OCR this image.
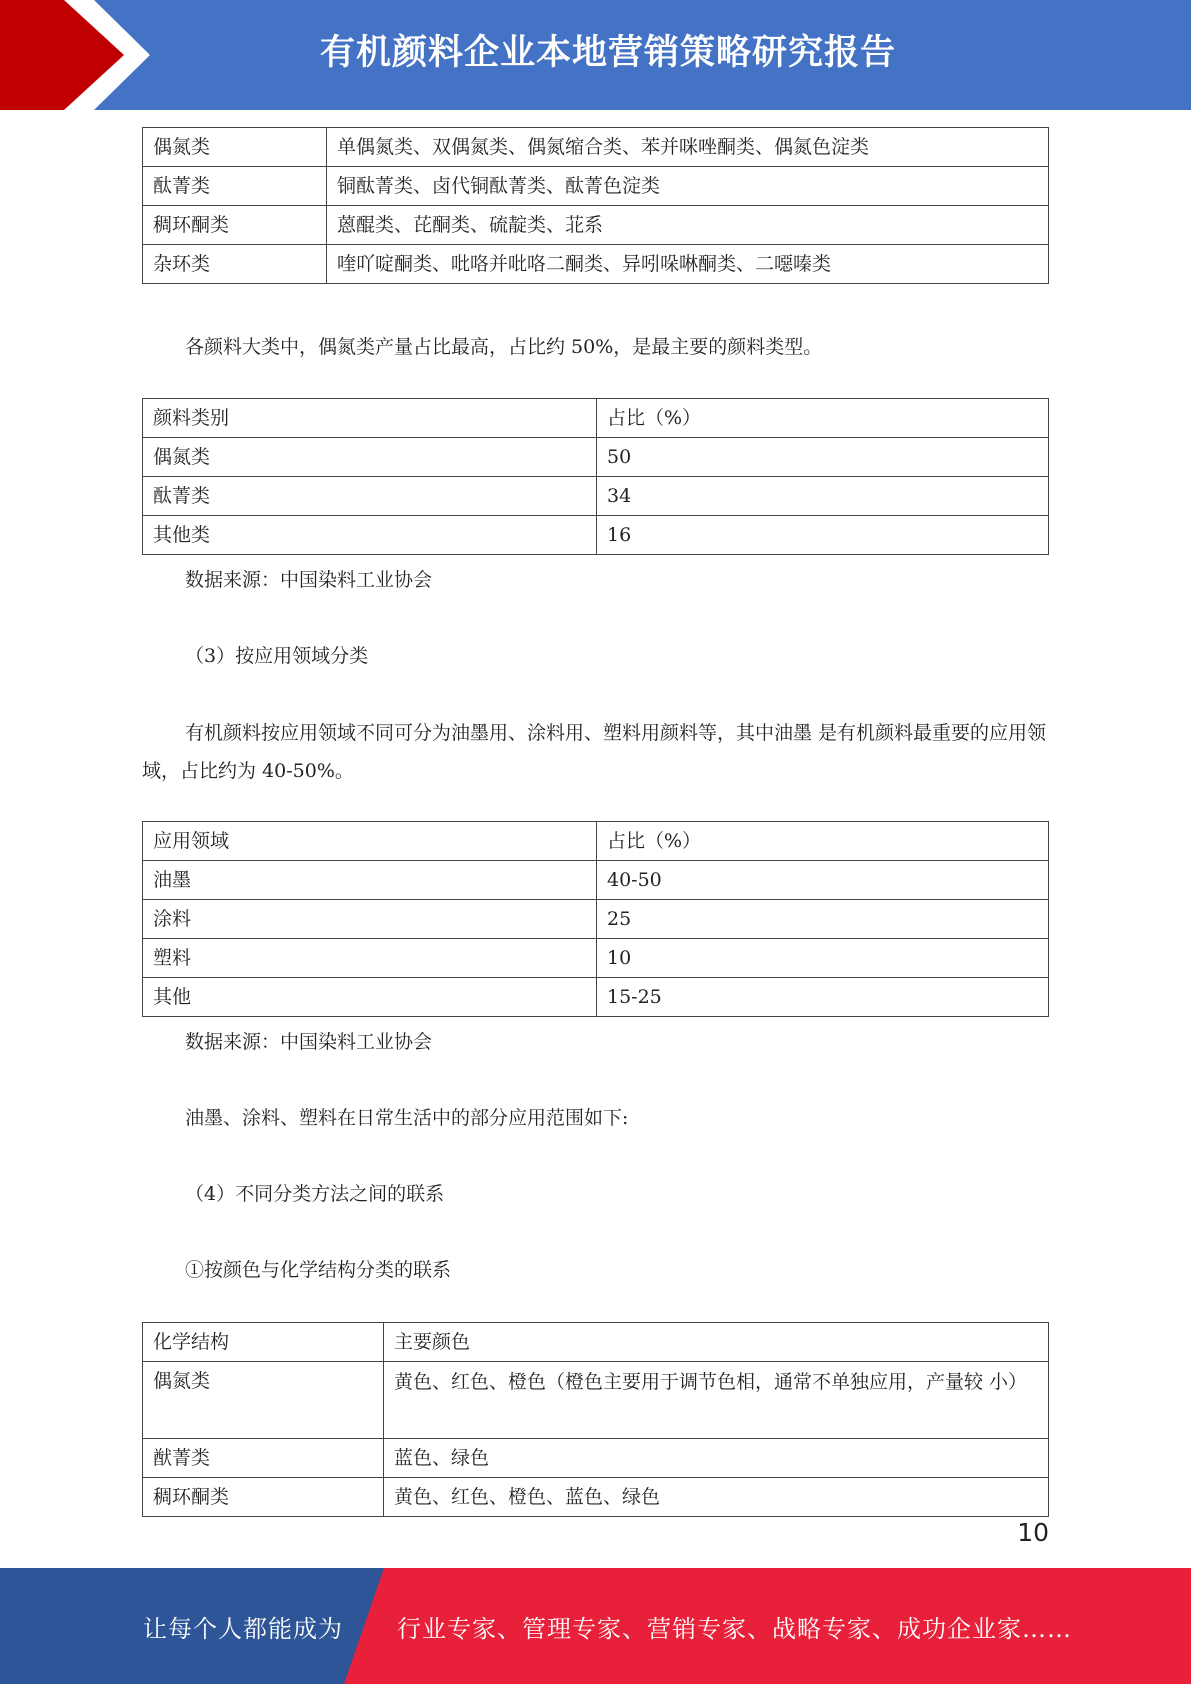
有机颜料企业本地营销策略研究报告
偶氮类	单偶氮类、双偶氮类、偶氮缩合类、苯并咪唑酮类、偶氮色淀类
酞菁类	铜酞菁类、卤代铜酞菁类、酞菁色淀类
稠环酮类	蒽醌类、芘酮类、硫靛类、苝系
杂环类	喹吖啶酮类、吡咯并吡咯二酮类、异吲哚啉酮类、二噁嗪类
各颜料大类中，偶氮类产量占比最高，占比约 50%，是最主要的颜料类型。
颜料类别	占比（%）
偶氮类	50
酞菁类	34
其他类	16
数据来源：中国染料工业协会
（3）按应用领域分类
有机颜料按应用领域不同可分为油墨用、涂料用、塑料用颜料等，其中油墨 是有机颜料最重要的应用领域，占比约为 40-50%。
应用领域	占比（%）
油墨	40-50
涂料	25
塑料	10
其他	15-25
数据来源：中国染料工业协会
油墨、涂料、塑料在日常生活中的部分应用范围如下:
（4）不同分类方法之间的联系
①按颜色与化学结构分类的联系
化学结构	主要颜色
偶氮类	黄色、红色、橙色（橙色主要用于调节色相，通常不单独应用，产量较 小）
猷菁类	蓝色、绿色
稠环酮类	黄色、红色、橙色、蓝色、绿色
10
让每个人都能成为 行业专家、管理专家、营销专家、战略专家、成功企业家……
